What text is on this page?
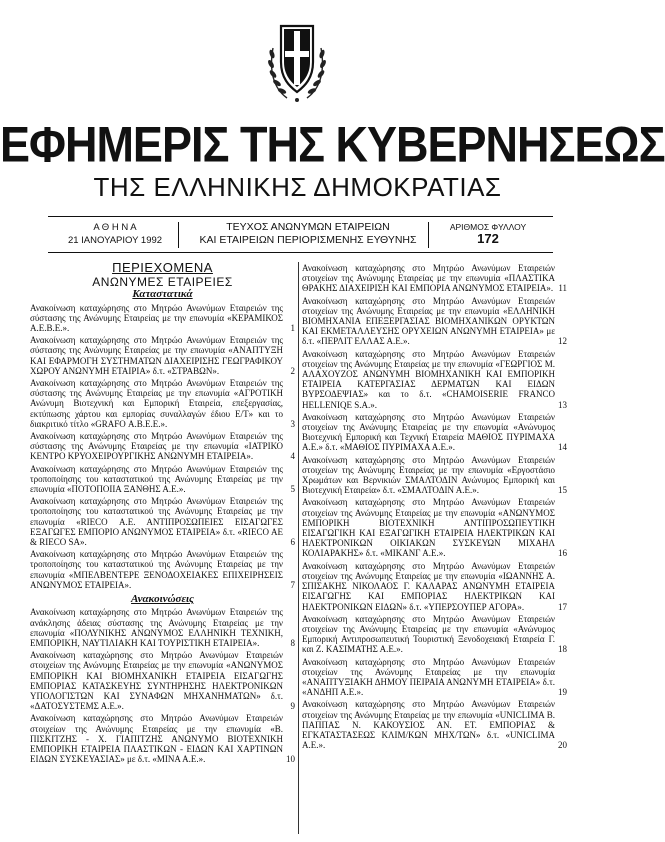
ΕΦΗΜΕΡΙΣ ΤΗΣ ΚΥΒΕΡΝΗΣΕΩΣ
ΤΗΣ ΕΛΛΗΝΙΚΗΣ ΔΗΜΟΚΡΑΤΙΑΣ
Α Θ Η Ν Α
21 ΙΑΝΟΥΑΡΙΟΥ 1992
ΤΕΥΧΟΣ ΑΝΩΝΥΜΩΝ ΕΤΑΙΡΕΙΩΝ
ΚΑΙ ΕΤΑΙΡΕΙΩΝ ΠΕΡΙΟΡΙΣΜΕΝΗΣ ΕΥΘΥΝΗΣ
ΑΡΙΘΜΟΣ ΦΥΛΛΟΥ
172
ΠΕΡΙΕΧΟΜΕΝΑ
ΑΝΩΝΥΜΕΣ ΕΤΑΙΡΕΙΕΣ
Καταστατικά
Ανακοίνωση καταχώρησης στο Μητρώο Ανωνύμων Εταιρειών της σύστασης της Ανώνυμης Εταιρείας με την επωνυμία «ΚΕΡΑΜΙΚΟΣ Α.Ε.Β.Ε.».	1
Ανακοίνωση καταχώρησης στο Μητρώο Ανωνύμων Εταιρειών της σύστασης της Ανώνυμης Εταιρείας με την επωνυμία «ΑΝΑΠΤΥΞΗ ΚΑΙ ΕΦΑΡΜΟΓΗ ΣΥΣΤΗΜΑΤΩΝ ΔΙΑΧΕΙΡΙΣΗΣ ΓΕΩΓΡΑΦΙΚΟΥ ΧΩΡΟΥ ΑΝΩΝΥΜΗ ΕΤΑΙΡΙΑ» δ.τ. «ΣΤΡΑΒΩΝ».	2
Ανακοίνωση καταχώρησης στο Μητρώο Ανωνύμων Εταιρειών της σύστασης της Ανώνυμης Εταιρείας με την επωνυμία «ΑΓΡΟΤΙΚΗ Ανώνυμη Βιοτεχνική και Εμπορική Εταιρεία, επεξεργασίας, εκτύπωσης χάρτου και εμπορίας συναλλαγών έδιου Ε/Τ» και το διακριτικό τίτλο «GRAFO Α.Β.Ε.Ε.».	3
Ανακοίνωση καταχώρησης στο Μητρώο Ανωνύμων Εταιρειών της σύστασης της Ανώνυμης Εταιρείας με την επωνυμία «ΙΑΤΡΙΚΟ ΚΕΝΤΡΟ ΚΡΥΟΧΕΙΡΟΥΡΓΙΚΗΣ ΑΝΩΝΥΜΗ ΕΤΑΙΡΕΙΑ».	4
Ανακοίνωση καταχώρησης στο Μητρώο Ανωνύμων Εταιρειών της τροποποίησης του καταστατικού της Ανώνυμης Εταιρείας με την επωνυμία «ΠΟΤΟΠΟΙΙΑ ΞΑΝΘΗΣ Α.Ε.».	5
Ανακοίνωση καταχώρησης στο Μητρώο Ανωνύμων Εταιρειών της τροποποίησης του καταστατικού της Ανώνυμης Εταιρείας με την επωνυμία «RIECO Α.Ε. ΑΝΤΙΠΡΟΣΩΠΕΙΕΣ ΕΙΣΑΓΩΓΕΣ ΕΞΑΓΩΓΕΣ ΕΜΠΟΡΙΟ ΑΝΩΝΥΜΟΣ ΕΤΑΙΡΕΙΑ» δ.τ. «RIECO AE & RIECO SA».	6
Ανακοίνωση καταχώρησης στο Μητρώο Ανωνύμων Εταιρειών της τροποποίησης του καταστατικού της Ανώνυμης Εταιρείας με την επωνυμία «ΜΠΕΛΒΕΝΤΕΡΕ ΞΕΝΟΔΟΧΕΙΑΚΕΣ ΕΠΙΧΕΙΡΗΣΕΙΣ ΑΝΩΝΥΜΟΣ ΕΤΑΙΡΕΙΑ».	7
Ανακοινώσεις
Ανακοίνωση καταχώρησης στο Μητρώο Ανωνύμων Εταιρειών της ανάκλησης άδειας σύστασης της Ανώνυμης Εταιρείας με την επωνυμία «ΠΟΛΥΝΙΚΗΣ ΑΝΩΝΥΜΟΣ ΕΛΛΗΝΙΚΗ ΤΕΧΝΙΚΗ, ΕΜΠΟΡΙΚΗ, ΝΑΥΤΙΛΙΑΚΗ ΚΑΙ ΤΟΥΡΙΣΤΙΚΗ ΕΤΑΙΡΕΙΑ».	8
Ανακοίνωση καταχώρησης στο Μητρώο Ανωνύμων Εταιρειών στοιχείων της Ανώνυμης Εταιρείας με την επωνυμία «ΑΝΩΝΥΜΟΣ ΕΜΠΟΡΙΚΗ ΚΑΙ ΒΙΟΜΗΧΑΝΙΚΗ ΕΤΑΙΡΕΙΑ ΕΙΣΑΓΩΓΗΣ ΕΜΠΟΡΙΑΣ ΚΑΤΑΣΚΕΥΗΣ ΣΥΝΤΗΡΗΣΗΣ ΗΛΕΚΤΡΟΝΙΚΩΝ ΥΠΟΛΟΓΙΣΤΩΝ ΚΑΙ ΣΥΝΑΦΩΝ ΜΗΧΑΝΗΜΑΤΩΝ» δ.τ. «ΔΑΤΟΣΥΣΤΕΜΣ Α.Ε.».	9
Ανακοίνωση καταχώρησης στο Μητρώο Ανωνύμων Εταιρειών στοιχείων της Ανώνυμης Εταιρείας με την επωνυμία «Β. ΠΙΣΚΙΤΖΗΣ - Χ. ΓΙΑΠΙΤΖΗΣ ΑΝΩΝΥΜΟ ΒΙΟΤΕΧΝΙΚΗ ΕΜΠΟΡΙΚΗ ΕΤΑΙΡΕΙΑ ΠΛΑΣΤΙΚΩΝ - ΕΙΔΩΝ ΚΑΙ ΧΑΡΤΙΝΩΝ ΕΙΔΩΝ ΣΥΣΚΕΥΑΣΙΑΣ» με δ.τ. «ΜΙΝΑ Α.Ε.».	10
Ανακοίνωση καταχώρησης στο Μητρώο Ανωνύμων Εταιρειών στοιχείων της Ανώνυμης Εταιρείας με την επωνυμία «ΠΛΑΣΤΙΚΑ ΘΡΑΚΗΣ ΔΙΑΧΕΙΡΙΣΗ ΚΑΙ ΕΜΠΟΡΙΑ ΑΝΩΝΥΜΟΣ ΕΤΑΙΡΕΙΑ». 11
Ανακοίνωση καταχώρησης στο Μητρώο Ανωνύμων Εταιρειών στοιχείων της Ανώνυμης Εταιρείας με την επωνυμία «ΕΛΛΗΝΙΚΗ ΒΙΟΜΗΧΑΝΙΑ ΕΠΕΞΕΡΓΑΣΙΑΣ ΒΙΟΜΗΧΑΝΙΚΩΝ ΟΡΥΚΤΩΝ ΚΑΙ ΕΚΜΕΤΑΛΛΕΥΣΗΣ ΟΡΥΧΕΙΩΝ ΑΝΩΝΥΜΗ ΕΤΑΙΡΕΙΑ» με δ.τ. «ΠΕΡΛΙΤ ΕΛΛΑΣ Α.Ε.».	12
Ανακοίνωση καταχώρησης στο Μητρώο Ανωνύμων Εταιρειών στοιχείων της Ανώνυμης Εταιρείας με την επωνυμία «ΓΕΩΡΓΙΟΣ Μ. ΑΛΑΧΟΥΖΟΣ ΑΝΩΝΥΜΗ ΒΙΟΜΗΧΑΝΙΚΗ ΚΑΙ ΕΜΠΟΡΙΚΗ ΕΤΑΙΡΕΙΑ ΚΑΤΕΡΓΑΣΙΑΣ ΔΕΡΜΑΤΩΝ ΚΑΙ ΕΙΔΩΝ ΒΥΡΣΟΔΕΨΙΑΣ» και το δ.τ. «CHAMOISERIE FRANCO HELLENIQE S.A.».	13
Ανακοίνωση καταχώρησης στο Μητρώο Ανωνύμων Εταιρειών στοιχείων της Ανώνυμης Εταιρείας με την επωνυμία «Ανώνυμος Βιοτεχνική Εμπορική και Τεχνική Εταιρεία ΜΑΘΙΟΣ ΠΥΡΙΜΑΧΑ Α.Ε.» δ.τ. «ΜΑΘΙΟΣ ΠΥΡΙΜΑΧΑ Α.Ε.».	14
Ανακοίνωση καταχώρησης στο Μητρώο Ανωνύμων Εταιρειών στοιχείων της Ανώνυμης Εταιρείας με την επωνυμία «Εργοστάσιο Χρωμάτων και Βερνικιών ΣΜΑΛΤΟΔΙΝ Ανώνυμος Εμπορική και Βιοτεχνική Εταιρεία» δ.τ. «ΣΜΑΛΤΟΔΙΝ Α.Ε.».	15
Ανακοίνωση καταχώρησης στο Μητρώο Ανωνύμων Εταιρειών στοιχείων της Ανώνυμης Εταιρείας με την επωνυμία «ΑΝΩΝΥΜΟΣ ΕΜΠΟΡΙΚΗ ΒΙΟΤΕΧΝΙΚΗ ΑΝΤΙΠΡΟΣΩΠΕΥΤΙΚΗ ΕΙΣΑΓΩΓΙΚΗ ΚΑΙ ΕΞΑΓΩΓΙΚΗ ΕΤΑΙΡΕΙΑ ΗΛΕΚΤΡΙΚΩΝ ΚΑΙ ΗΛΕΚΤΡΟΝΙΚΩΝ ΟΙΚΙΑΚΩΝ ΣΥΣΚΕΥΩΝ ΜΙΧΑΗΛ ΚΟΛΙΑΡΑΚΗΣ» δ.τ. «ΜΙΚΑΝΓ Α.Ε.».	16
Ανακοίνωση καταχώρησης στο Μητρώο Ανωνύμων Εταιρειών στοιχείων της Ανώνυμης Εταιρείας με την επωνυμία «ΙΩΑΝΝΗΣ Α. ΣΠΙΣΑΚΗΣ ΝΙΚΟΛΑΟΣ Γ. ΚΑΛΑΡΑΣ ΑΝΩΝΥΜΗ ΕΤΑΙΡΕΙΑ ΕΙΣΑΓΩΓΗΣ ΚΑΙ ΕΜΠΟΡΙΑΣ ΗΛΕΚΤΡΙΚΩΝ ΚΑΙ ΗΛΕΚΤΡΟΝΙΚΩΝ ΕΙΔΩΝ» δ.τ. «ΥΠΕΡΣΟΥΠΕΡ ΑΓΟΡΑ».	17
Ανακοίνωση καταχώρησης στο Μητρώο Ανωνύμων Εταιρειών στοιχείων της Ανώνυμης Εταιρείας με την επωνυμία «Ανώνυμος Εμπορική Αντιπροσωπευτική Τουριστική Ξενοδοχειακή Εταιρεία Γ. και Ζ. ΚΑΣΙΜΑΤΗΣ Α.Ε.».	18
Ανακοίνωση καταχώρησης στο Μητρώο Ανωνύμων Εταιρειών στοιχείων της Ανώνυμης Εταιρείας με την επωνυμία «ΑΝΑΠΤΥΞΙΑΚΗ ΔΗΜΟΥ ΠΕΙΡΑΙΑ ΑΝΩΝΥΜΗ ΕΤΑΙΡΕΙΑ» δ.τ. «ΑΝΔΗΠ Α.Ε.».	19
Ανακοίνωση καταχώρησης στο Μητρώο Ανωνύμων Εταιρειών στοιχείων της Ανώνυμης Εταιρείας με την επωνυμία «UNICLIMA Β. ΠΑΠΠΑΣ Ν. ΚΑΚΟΥΣΙΟΣ ΑΝ. ΕΤ. ΕΜΠΟΡΙΑΣ & ΕΓΚΑΤΑΣΤΑΣΕΩΣ ΚΛΙΜ/ΚΩΝ ΜΗΧ/ΤΩΝ» δ.τ. «UNICLIMA Α.Ε.».	20
